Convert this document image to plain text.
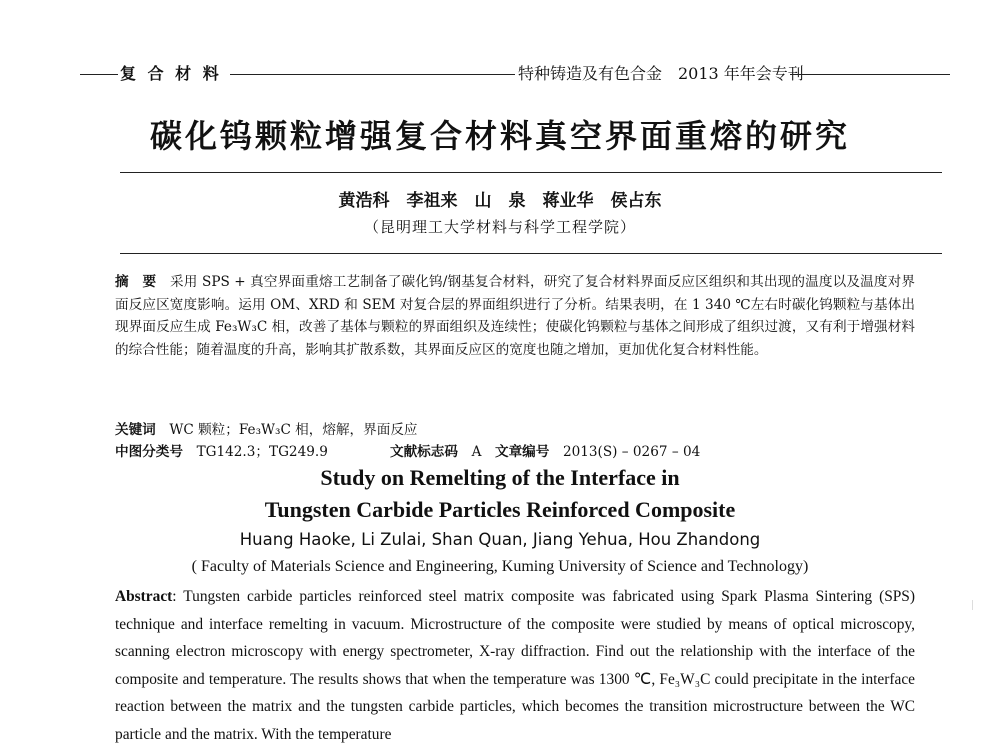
复 合 材 料	特种铸造及有色合金　2013 年年会专刊
碳化钨颗粒增强复合材料真空界面重熔的研究
黄浩科　李祖来　山　泉　蒋业华　侯占东
（昆明理工大学材料与科学工程学院）
摘　要　 采用 SPS + 真空界面重熔工艺制备了碳化钨/钢基复合材料，研究了复合材料界面反应区组织和其出现的温度以及温度对界面反应区宽度影响。运用 OM、XRD 和 SEM 对复合层的界面组织进行了分析。结果表明，在 1 340 ℃左右时碳化钨颗粒与基体出现界面反应生成 Fe₃W₃C 相，改善了基体与颗粒的界面组织及连续性；使碳化钨颗粒与基体之间形成了组织过渡，又有利于增强材料的综合性能；随着温度的升高，影响其扩散系数，其界面反应区的宽度也随之增加，更加优化复合材料性能。
关键词　 WC 颗粒；Fe₃W₃C 相，熔解，界面反应
中图分类号　 TG142.3；TG249.9	文献标志码　 A　 文章编号　 2013(S) – 0267 – 04
Study on Remelting of the Interface in
Tungsten Carbide Particles Reinforced Composite
Huang Haoke, Li Zulai, Shan Quan, Jiang Yehua, Hou Zhandong
( Faculty of Materials Science and Engineering, Kuming University of Science and Technology)
Abstract: Tungsten carbide particles reinforced steel matrix composite was fabricated using Spark Plasma Sintering (SPS) technique and interface remelting in vacuum. Microstructure of the composite were studied by means of optical microscopy, scanning electron microscopy with energy spectrometer, X-ray diffraction. Find out the relationship with the interface of the composite and temperature. The results shows that when the temperature was 1300 ℃, Fe₃W₃C could precipitate in the interface reaction between the matrix and the tungsten carbide particles, which becomes the transition microstructure between the WC particle and the matrix. With the temperature
